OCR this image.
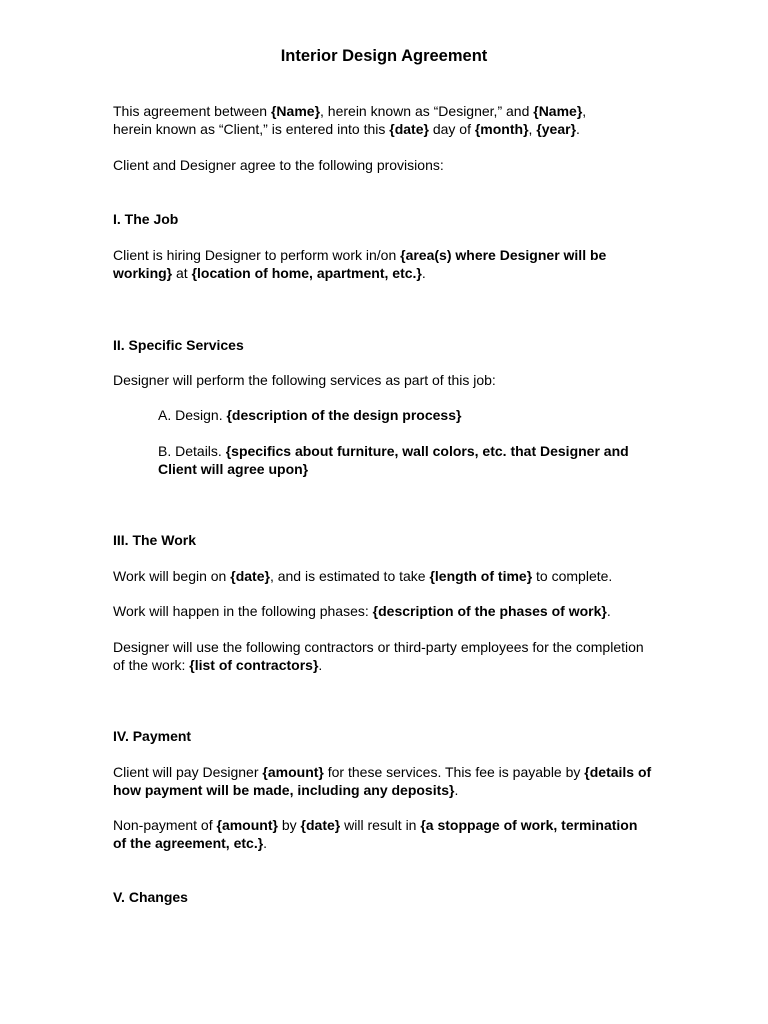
Interior Design Agreement

This agreement between {Name}, herein known as “Designer,” and {Name},
herein known as “Client,” is entered into this {date} day of {month}, {year}.

Client and Designer agree to the following provisions:

I. The Job

Client is hiring Designer to perform work in/on {area(s) where Designer will be working} at {location of home, apartment, etc.}.

II. Specific Services

Designer will perform the following services as part of this job:

A. Design. {description of the design process}

B. Details. {specifics about furniture, wall colors, etc. that Designer and Client will agree upon}

III. The Work

Work will begin on {date}, and is estimated to take {length of time} to complete.

Work will happen in the following phases: {description of the phases of work}.

Designer will use the following contractors or third-party employees for the completion of the work: {list of contractors}.

IV. Payment

Client will pay Designer {amount} for these services. This fee is payable by {details of how payment will be made, including any deposits}.

Non-payment of {amount} by {date} will result in {a stoppage of work, termination of the agreement, etc.}.

V. Changes
